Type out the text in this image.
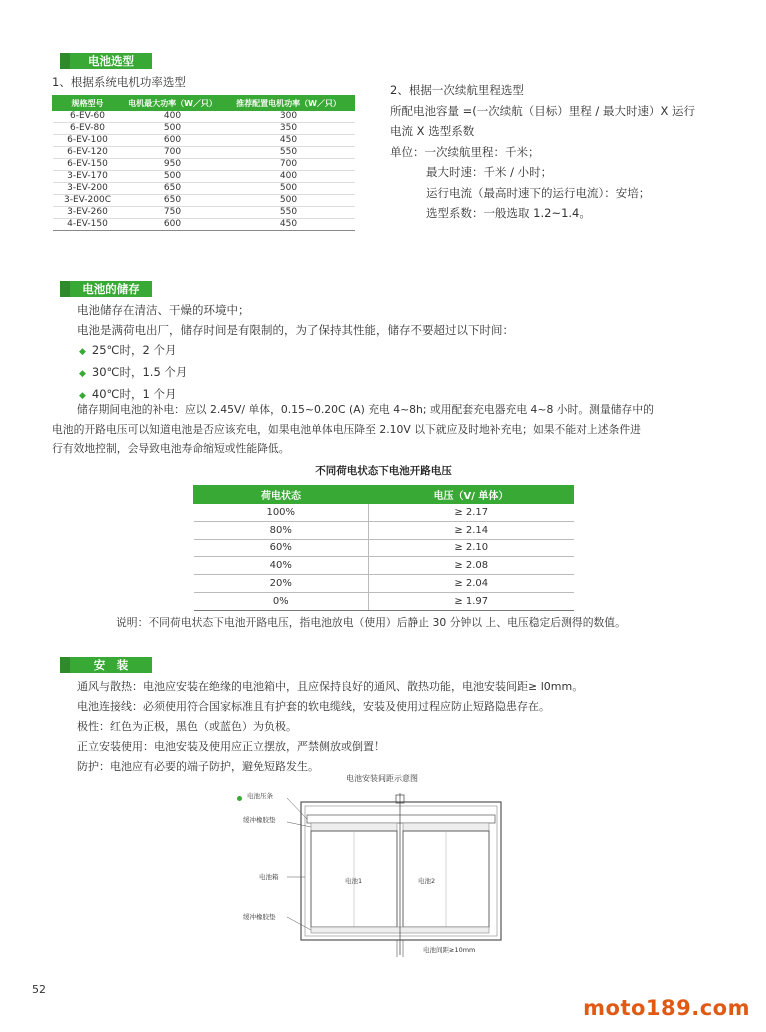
电池选型
1、根据系统电机功率选型
规格型号	电机最大功率（W／只）	推荐配置电机功率（W／只）
6-EV-60	400	300
6-EV-80	500	350
6-EV-100	600	450
6-EV-120	700	550
6-EV-150	950	700
3-EV-170	500	400
3-EV-200	650	500
3-EV-200C	650	500
3-EV-260	750	550
4-EV-150	600	450
2、根据一次续航里程选型
所配电池容量 =(一次续航（目标）里程 / 最大时速）X 运行
电流 X 选型系数
单位：一次续航里程：千米；
最大时速：千米 / 小时；
运行电流（最高时速下的运行电流）：安培；
选型系数：一般选取 1.2~1.4。
电池的储存
电池储存在清洁、干燥的环境中；
电池是满荷电出厂，储存时间是有限制的，为了保持其性能，储存不要超过以下时间：
◆ 25℃时，2 个月
◆ 30℃时，1.5 个月
◆ 40℃时，1 个月
储存期间电池的补电：应以 2.45V/ 单体，0.15~0.20C (A) 充电 4~8h; 或用配套充电器充电 4~8 小时。测量储存中的
电池的开路电压可以知道电池是否应该充电，如果电池单体电压降至 2.10V 以下就应及时地补充电；如果不能对上述条件进
行有效地控制，会导致电池寿命缩短或性能降低。
不同荷电状态下电池开路电压
荷电状态	电压（V/ 单体）
100%	≥ 2.17
80%	≥ 2.14
60%	≥ 2.10
40%	≥ 2.08
20%	≥ 2.04
0%	≥ 1.97
说明：不同荷电状态下电池开路电压，指电池放电（使用）后静止 30 分钟以 上、电压稳定后测得的数值。
安　装
通风与散热：电池应安装在绝缘的电池箱中，且应保持良好的通风、散热功能，电池安装间距≥ l0mm。
电池连接线：必须使用符合国家标准且有护套的软电缆线，安装及使用过程应防止短路隐患存在。
极性：红色为正极，黑色（或蓝色）为负极。
正立安装使用：电池安装及使用应正立摆放，严禁侧放或倒置！
防护：电池应有必要的端子防护，避免短路发生。
电池安装间距示意图
电池压条
缓冲橡胶垫
电池箱
缓冲橡胶垫
电池1	电池2
电池间距≥10mm
52
moto189.com
